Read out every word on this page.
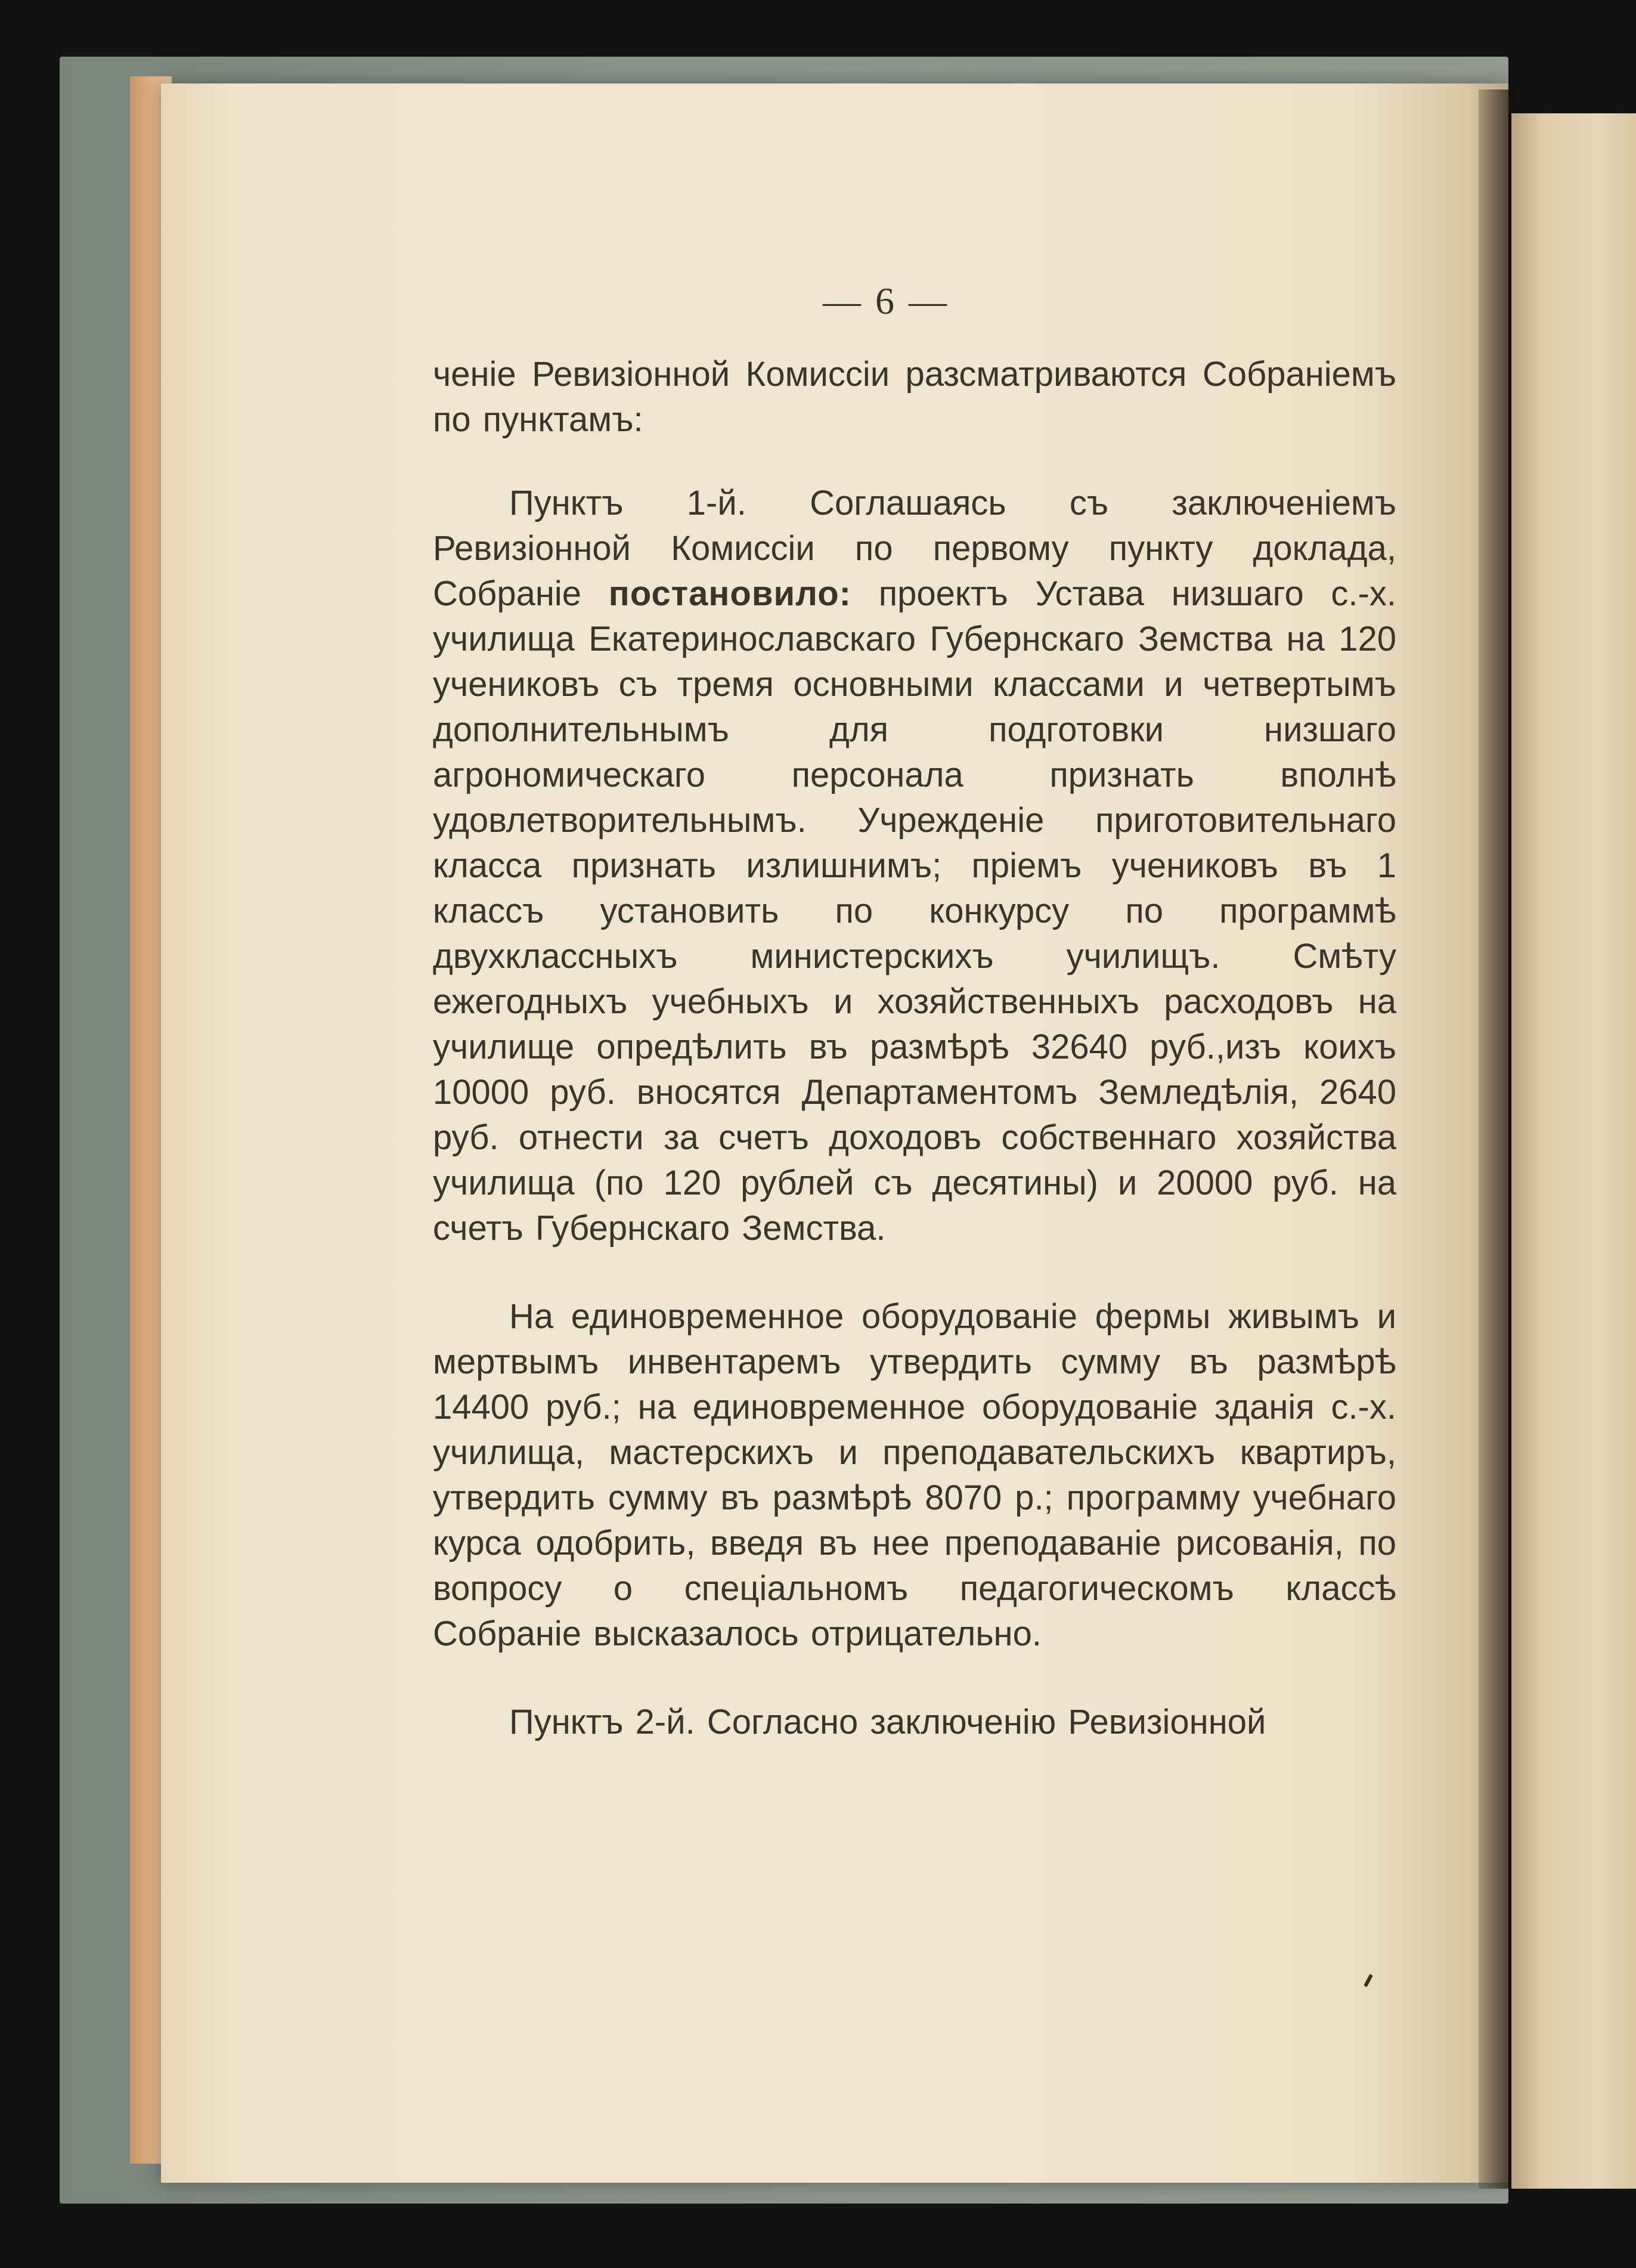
— 6 —

ченіе Ревизіонной Комиссіи разсматриваются Собраніемъ по пунктамъ:

Пунктъ 1-й. Соглашаясь съ заключеніемъ Ревизіонной Комиссіи по первому пункту доклада, Собраніе постановило: проектъ Устава низшаго с.-х. училища Екатеринославскаго Губернскаго Земства на 120 учениковъ съ тремя основными классами и четвертымъ дополнительнымъ для подготовки низшаго агрономическаго персонала признать вполнѣ удовлетворительнымъ. Учрежденіе приготовительнаго класса признать излишнимъ; пріемъ учениковъ въ 1 классъ установить по конкурсу по программѣ двухклассныхъ министерскихъ училищъ. Смѣту ежегодныхъ учебныхъ и хозяйственныхъ расходовъ на училище опредѣлить въ размѣрѣ 32640 руб.,изъ коихъ 10000 руб. вносятся Департаментомъ Земледѣлія, 2640 руб. отнести за счетъ доходовъ собственнаго хозяйства училища (по 120 рублей съ десятины) и 20000 руб. на счетъ Губернскаго Земства.

На единовременное оборудованіе фермы живымъ и мертвымъ инвентаремъ утвердить сумму въ размѣрѣ 14400 руб.; на единовременное оборудованіе зданія с.-х. училища, мастерскихъ и преподавательскихъ квартиръ, утвердить сумму въ размѣрѣ 8070 р.; программу учебнаго курса одобрить, введя въ нее преподаваніе рисованія, по вопросу о спеціальномъ педагогическомъ классѣ Собраніе высказалось отрицательно.

Пунктъ 2-й. Согласно заключенію Ревизіонной
